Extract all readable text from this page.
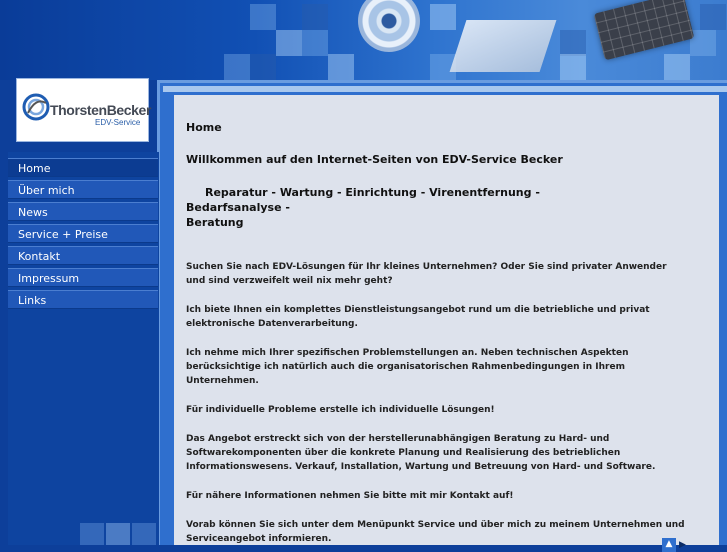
ThorstenBecker
EDV-Service
Home
Über mich
News
Service + Preise
Kontakt
Impressum
Links
Home
Willkommen auf den Internet-Seiten von EDV-Service Becker
Reparatur - Wartung - Einrichtung - Virenentfernung -Bedarfsanalyse -
Beratung

Suchen Sie nach EDV-Lösungen für Ihr kleines Unternehmen? Oder Sie sind privater Anwender und sind verzweifelt weil nix mehr geht?

Ich biete Ihnen ein komplettes Dienstleistungsangebot rund um die betriebliche und privat elektronische Datenverarbeitung.

Ich nehme mich Ihrer spezifischen Problemstellungen an. Neben technischen Aspekten berücksichtige ich natürlich auch die organisatorischen Rahmenbedingungen in Ihrem Unternehmen.

Für individuelle Probleme erstelle ich individuelle Lösungen!

Das Angebot erstreckt sich von der herstellerunabhängigen Beratung zu Hard- und Softwarekomponenten über die konkrete Planung und Realisierung des betrieblichen Informationswesens. Verkauf, Installation, Wartung und Betreuung von Hard- und Software.

Für nähere Informationen nehmen Sie bitte mit mir Kontakt auf!

Vorab können Sie sich unter dem Menüpunkt Service und über mich zu meinem Unternehmen und Serviceangebot informieren.	▲ ▶
